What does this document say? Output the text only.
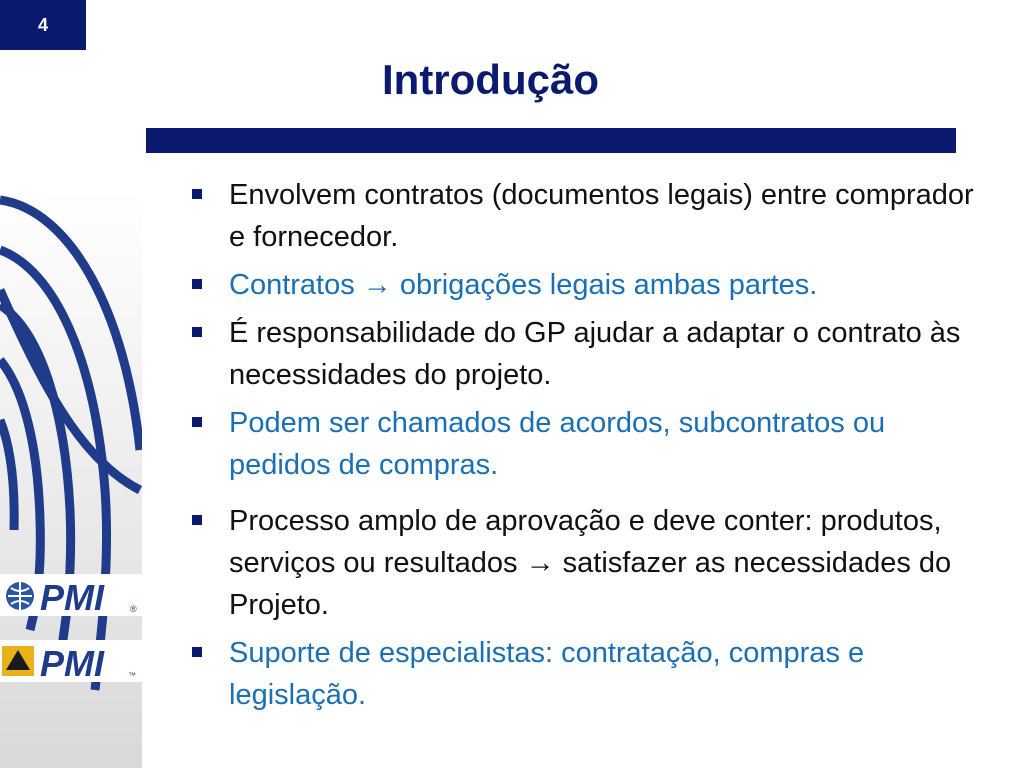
4
Introdução
PMI	®
PMI	™
Envolvem contratos (documentos legais) entre comprador e fornecedor.
Contratos → obrigações legais ambas partes.
É responsabilidade do GP ajudar a adaptar o contrato às necessidades do projeto.
Podem ser chamados de acordos, subcontratos ou pedidos de compras.
Processo amplo de aprovação e deve conter: produtos, serviços ou resultados → satisfazer as necessidades do Projeto.
Suporte de especialistas: contratação, compras e legislação.
